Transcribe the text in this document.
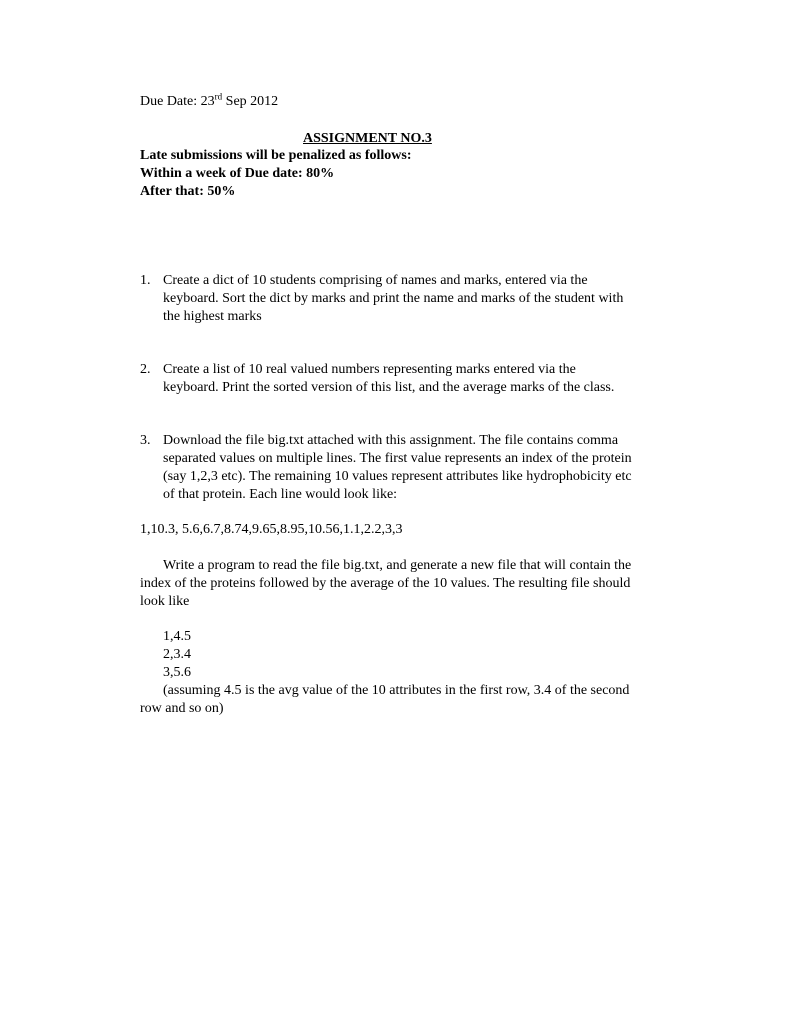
Due Date: 23rd Sep 2012
ASSIGNMENT NO.3
Late submissions will be penalized as follows:
Within a week of Due date: 80%
After that: 50%
1. Create a dict of 10 students comprising of names and marks, entered via the
keyboard. Sort the dict by marks and print the name and marks of the student with
the highest marks
2. Create a list of 10 real valued numbers representing marks entered via the
keyboard. Print the sorted version of this list, and the average marks of the class.
3. Download the file big.txt attached with this assignment. The file contains comma
separated values on multiple lines. The first value represents an index of the protein
(say 1,2,3 etc). The remaining 10 values represent attributes like hydrophobicity etc
of that protein. Each line would look like:
1,10.3, 5.6,6.7,8.74,9.65,8.95,10.56,1.1,2.2,3,3
Write a program to read the file big.txt, and generate a new file that will contain the
index of the proteins followed by the average of the 10 values. The resulting file should
look like
1,4.5
2,3.4
3,5.6
(assuming 4.5 is the avg value of the 10 attributes in the first row, 3.4 of the second
row and so on)
